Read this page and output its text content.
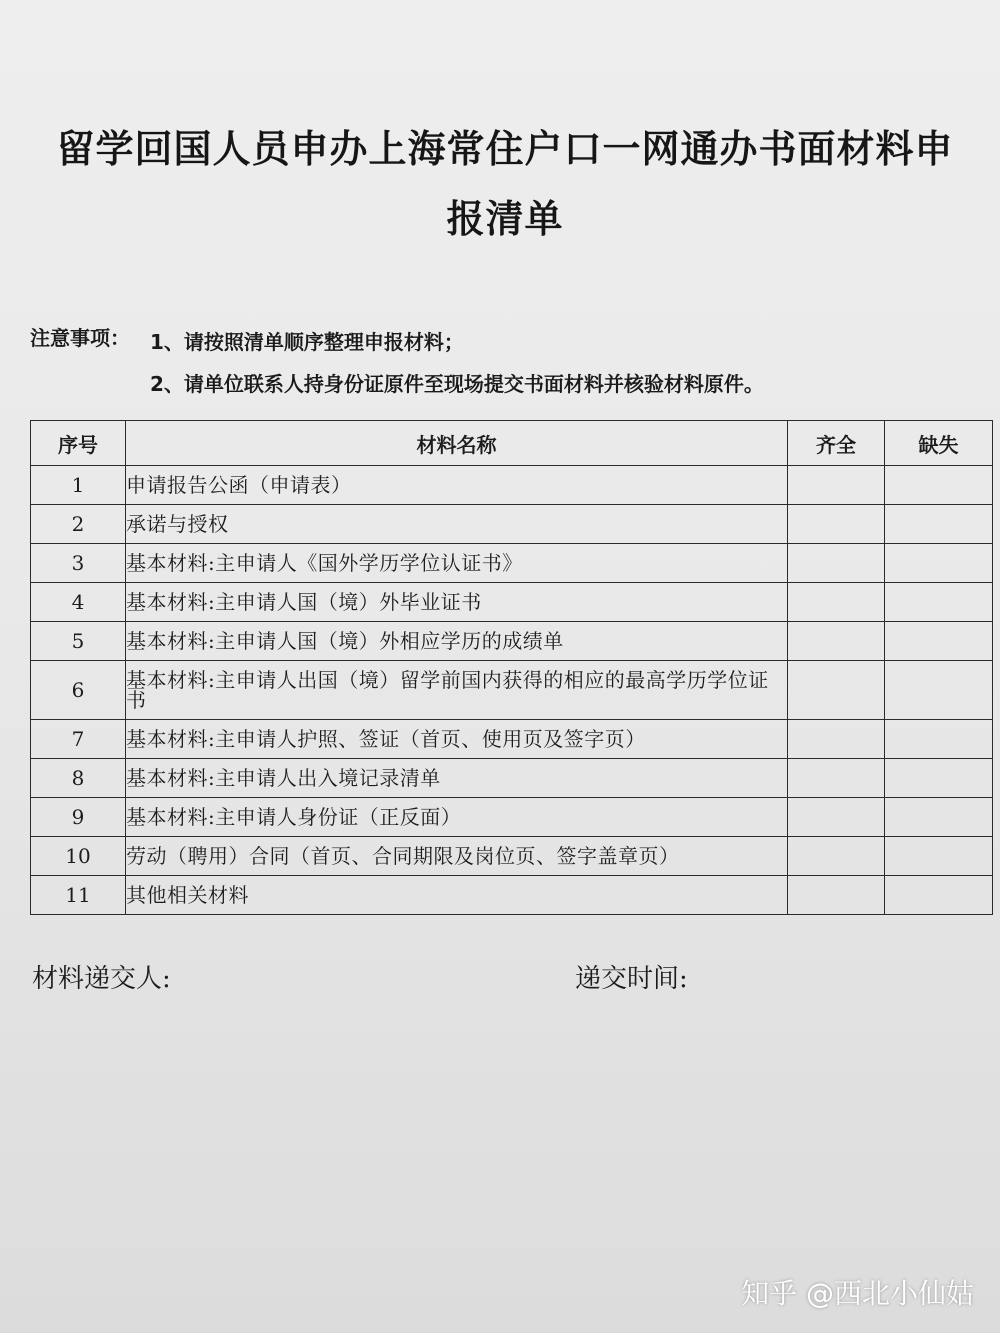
留学回国人员申办上海常住户口一网通办书面材料申
报清单
注意事项： 1、请按照清单顺序整理申报材料；
2、请单位联系人持身份证原件至现场提交书面材料并核验材料原件。
序号	材料名称	齐全	缺失
1	申请报告公函（申请表）		
2	承诺与授权		
3	基本材料:主申请人《国外学历学位认证书》		
4	基本材料:主申请人国（境）外毕业证书		
5	基本材料:主申请人国（境）外相应学历的成绩单		
6	基本材料:主申请人出国（境）留学前国内获得的相应的最高学历学位证书		
7	基本材料:主申请人护照、签证（首页、使用页及签字页）		
8	基本材料:主申请人出入境记录清单		
9	基本材料:主申请人身份证（正反面）		
10	劳动（聘用）合同（首页、合同期限及岗位页、签字盖章页）		
11	其他相关材料		
材料递交人:	递交时间:
知乎 @西北小仙姑
